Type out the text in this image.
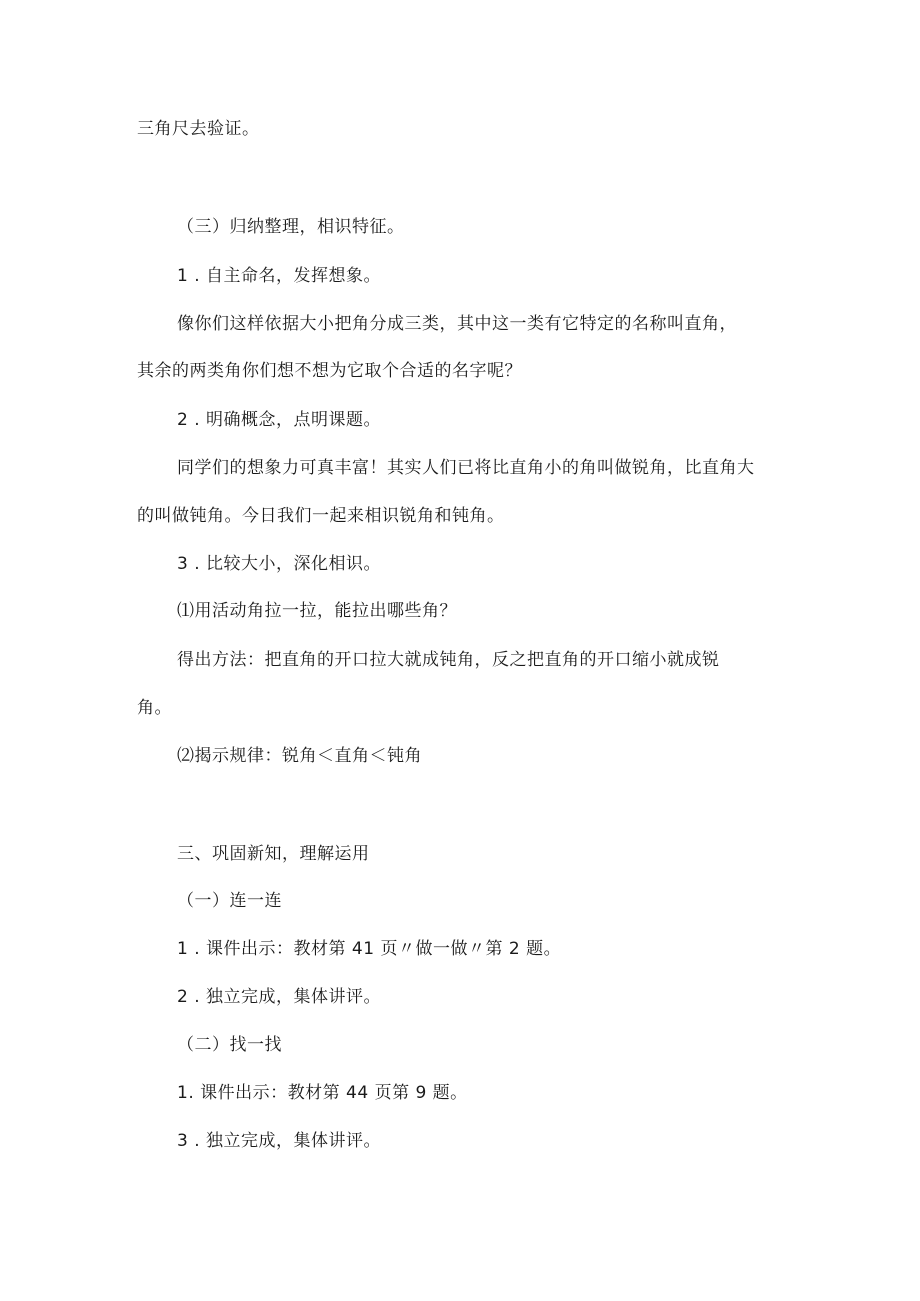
三角尺去验证。
（三）归纳整理，相识特征。
1 . 自主命名，发挥想象。
像你们这样依据大小把角分成三类，其中这一类有它特定的名称叫直角，
其余的两类角你们想不想为它取个合适的名字呢？
2 . 明确概念，点明课题。
同学们的想象力可真丰富！其实人们已将比直角小的角叫做锐角，比直角大
的叫做钝角。今日我们一起来相识锐角和钝角。
3 . 比较大小，深化相识。
⑴用活动角拉一拉，能拉出哪些角？
得出方法：把直角的开口拉大就成钝角，反之把直角的开口缩小就成锐
角。
⑵揭示规律：锐角＜直角＜钝角
三、巩固新知，理解运用
（一）连一连
1 . 课件出示：教材第 41 页〃做一做〃第 2 题。
2 . 独立完成，集体讲评。
（二）找一找
1. 课件出示：教材第 44 页第 9 题。
3 . 独立完成，集体讲评。
